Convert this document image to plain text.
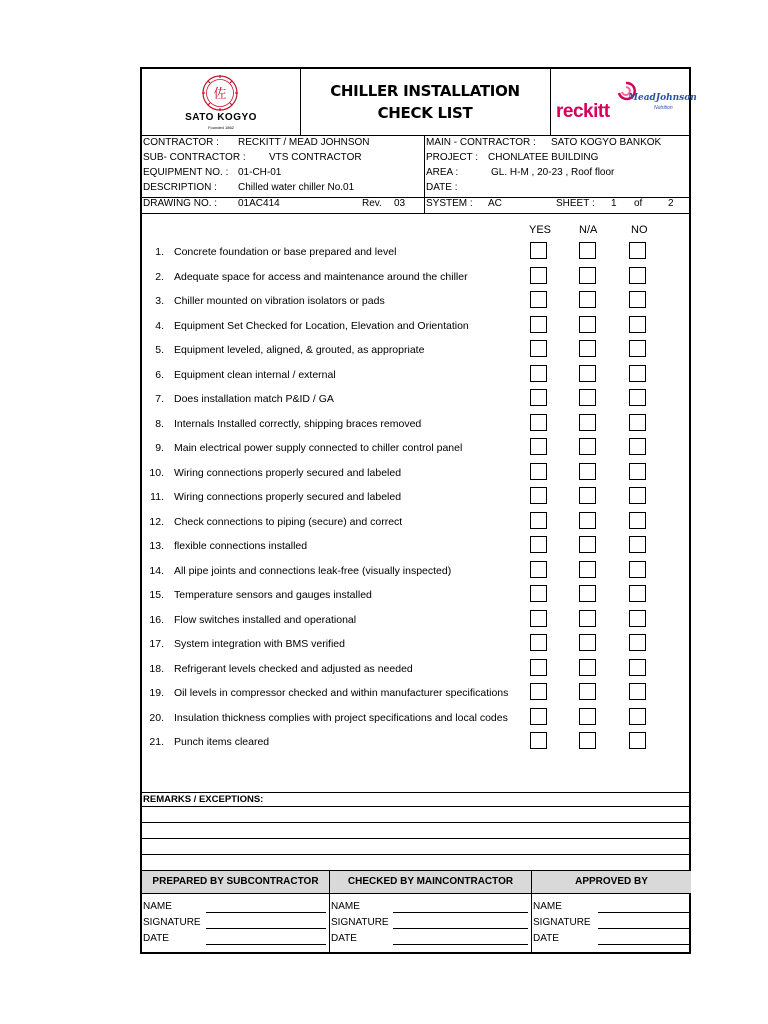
佐
SATO KOGYO
Founded 1862
CHILLER INSTALLATION
CHECK LIST	reckitt
MeadJohnson
Nutrition
CONTRACTOR : RECKITT / MEAD JOHNSON
SUB- CONTRACTOR : VTS CONTRACTOR
EQUIPMENT NO. : 01-CH-01
DESCRIPTION : Chilled water chiller No.01
DRAWING NO. : 01AC414	Rev. 03
MAIN - CONTRACTOR : SATO KOGYO BANKOK
PROJECT : CHONLATEE BUILDING
AREA :	GL. H-M , 20-23 , Roof floor
DATE :
SYSTEM : AC	SHEET : 1 of	2
YES	N/A	NO
1. Concrete foundation or base prepared and level
2. Adequate space for access and maintenance around the chiller
3. Chiller mounted on vibration isolators or pads
4. Equipment Set Checked for Location, Elevation and Orientation
5. Equipment leveled, aligned, & grouted, as appropriate
6. Equipment clean internal / external
7. Does installation match P&ID / GA
8. Internals Installed correctly, shipping braces removed
9. Main electrical power supply connected to chiller control panel
10. Wiring connections properly secured and labeled
11. Wiring connections properly secured and labeled
12. Check connections to piping (secure) and correct
13. flexible connections installed
14. All pipe joints and connections leak-free (visually inspected)
15. Temperature sensors and gauges installed
16. Flow switches installed and operational
17. System integration with BMS verified
18. Refrigerant levels checked and adjusted as needed
19. Oil levels in compressor checked and within manufacturer specifications
20. Insulation thickness complies with project specifications and local codes
21. Punch items cleared
REMARKS / EXCEPTIONS:
PREPARED BY SUBCONTRACTOR	CHECKED BY MAINCONTRACTOR	APPROVED BY
NAME
SIGNATURE
DATE
NAME
SIGNATURE
DATE
NAME
SIGNATURE
DATE
